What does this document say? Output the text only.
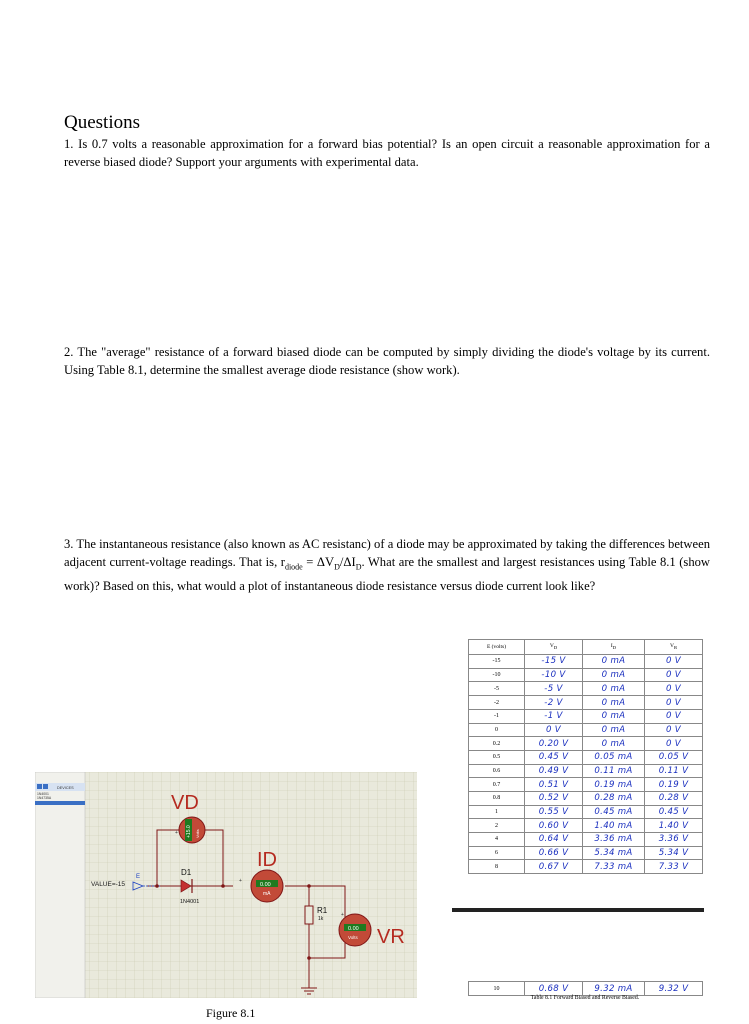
Questions
1. Is 0.7 volts a reasonable approximation for a forward bias potential? Is an open circuit a reasonable approximation for a reverse biased diode? Support your arguments with experimental data.
2. The "average" resistance of a forward biased diode can be computed by simply dividing the diode's voltage by its current. Using Table 8.1, determine the smallest average diode resistance (show work).
3. The instantaneous resistance (also known as AC resistanc) of a diode may be approximated by taking the differences between adjacent current-voltage readings. That is, $r_{diode} = \Delta V_D/\Delta I_D$. What are the smallest and largest resistances using Table 8.1 (show work)? Based on this, what would a plot of instantaneous diode resistance versus diode current look like?
DEVICES
1N4001
1N4735A
E
VALUE=-15
D1
1N4001
+15.0 Volts
VD
+
0.00
mA
ID
+
R1
1k
0.00
Volts VR
+
Figure 8.1
E (volts)	$V_D$	$I_D$	$V_R$
-15	-15 V	0 mA	0 V
-10	-10 V	0 mA	0 V
-5	-5 V	0 mA	0 V
-2	-2 V	0 mA	0 V
-1	-1 V	0 mA	0 V
0	0 V	0 mA	0 V
0.2	0.20 V	0 mA	0 V
0.5	0.45 V	0.05 mA	0.05 V
0.6	0.49 V	0.11 mA	0.11 V
0.7	0.51 V	0.19 mA	0.19 V
0.8	0.52 V	0.28 mA	0.28 V
1	0.55 V	0.45 mA	0.45 V
2	0.60 V	1.40 mA	1.40 V
4	0.64 V	3.36 mA	3.36 V
6	0.66 V	5.34 mA	5.34 V
8	0.67 V	7.33 mA	7.33 V
10	0.68 V	9.32 mA	9.32 V
Table 8.1 Forward Biased and Reverse Biased.
